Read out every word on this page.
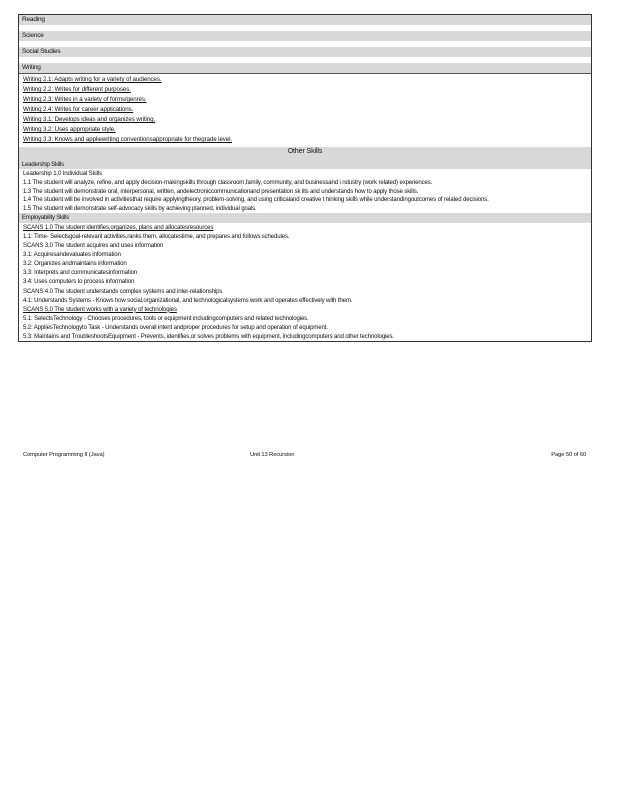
Reading
Science
Social Studies
Writing
Writing 2.1: Adapts writing for a variety of audiences.
Writing 2.2: Writes for different purposes.
Writing 2.3: Writes in a variety of forms/genres.
Writing 2.4: Writes for career applications.
Writing 3.1: Develops ideas and organizes writing.
Writing 3.2: Uses appropriate style.
Writing 3.3: Knows and appliewriting conventionsappropriate for thegrade level.
Other Skills
Leadership Skills
Leadership 1.0 Individual Skills
1.1 The student will analyze, refine, and apply decision-makingskills through classroom,family, community, and businessand i ndustry (work related) experiences.
1.3 The student will demonstrate oral, interpersonal, written, andelectroniccommunicationand presentation sk ills and understands how to apply those skills.
1.4 The student will be involved in activitiesthat require applyingtheory, problem-solving, and using criticaland creative t hinking skills while understandingoutcomes of related decisions.
1.5 The student will demonstrate self-advocacy skills by achieving planned, individual goals.
Employability Skills
SCANS 1.0 The student identifies,organizes, plans and allocatesresources
1.1: Time- Selectsgoal-relevant activities,ranks them, allocatestime, and prepares and follows schedules.
SCANS 3.0 The student acquires and uses information
3.1: Acquiresandevaluates information
3.2: Organizes andmaintains information
3.3: Interprets and communicatesinformation
3.4: Uses computers to process information
SCANS 4.0 The student understands complex systems and inter-relationships
4.1: Understands Systems - Knows how social,organizational, and technologicalsystems work and operates effectively with them.
SCANS 5.0 The student works with a variety of technologies
5.1: SelectsTechnology - Chooses procedures, tools or equipment includingcomputers and related technologies.
5.2: AppliesTechnologyto Task - Understands overall intent andproper procedures for setup and operation of equipment.
5.3: Maintains and TroubleshootsEquipment - Prevents, identifies,or solves problems with equipment, includingcomputers and other technologies.
Computer Programming II (Java)	Unit 13 Recursion	Page 50 of 60
